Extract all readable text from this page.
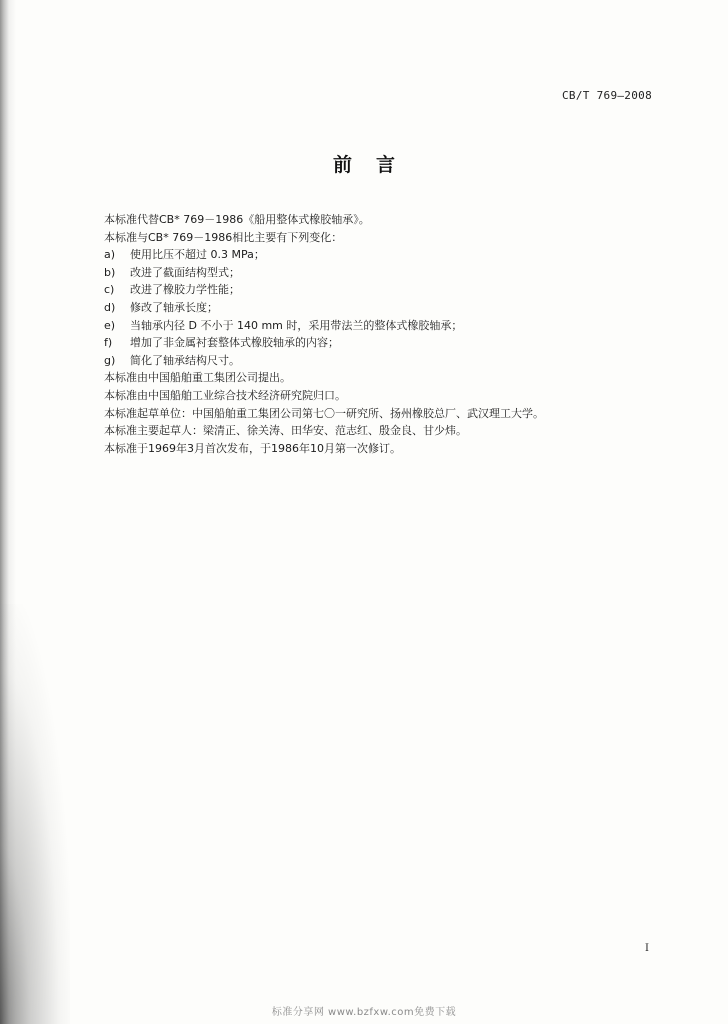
CB/T 769—2008
前言
本标准代替CB* 769－1986《船用整体式橡胶轴承》。
本标准与CB* 769－1986相比主要有下列变化：
a)	使用比压不超过 0.3 MPa；
b)	改进了截面结构型式；
c)	改进了橡胶力学性能；
d)	修改了轴承长度；
e)	当轴承内径 D 不小于 140 mm 时，采用带法兰的整体式橡胶轴承；
f)	增加了非金属衬套整体式橡胶轴承的内容；
g)	简化了轴承结构尺寸。
本标准由中国船舶重工集团公司提出。
本标准由中国船舶工业综合技术经济研究院归口。
本标准起草单位：中国船舶重工集团公司第七〇一研究所、扬州橡胶总厂、武汉理工大学。
本标准主要起草人：梁清正、徐关涛、田华安、范志红、殷金良、甘少炜。
本标准于1969年3月首次发布，于1986年10月第一次修订。
I
标准分享网 www.bzfxw.com免费下载
